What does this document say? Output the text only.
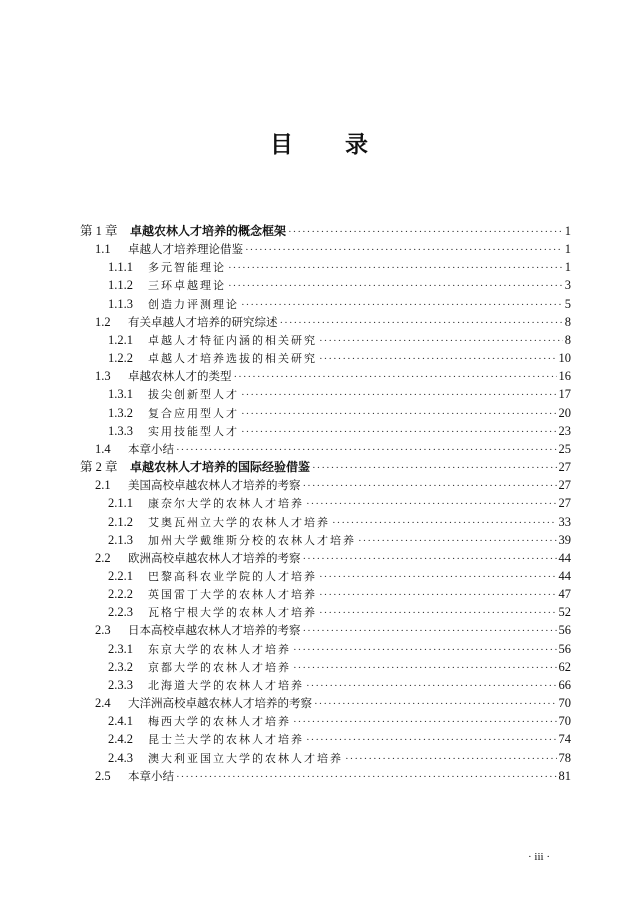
目录
第 1 章	卓越农林人才培养的概念框架 ·····	1
1.1	卓越人才培养理论借鉴 ·····	1
1.1.1	多元智能理论 ·····	1
1.1.2	三环卓越理论 ·····	3
1.1.3	创造力评测理论 ·····	5
1.2	有关卓越人才培养的研究综述 ·····	8
1.2.1	卓越人才特征内涵的相关研究 ·····	8
1.2.2	卓越人才培养选拔的相关研究 ·····	10
1.3	卓越农林人才的类型 ·····	16
1.3.1	拔尖创新型人才 ·····	17
1.3.2	复合应用型人才 ·····	20
1.3.3	实用技能型人才 ·····	23
1.4	本章小结 ·····	25
第 2 章	卓越农林人才培养的国际经验借鉴 ·····	27
2.1	美国高校卓越农林人才培养的考察 ·····	27
2.1.1	康奈尔大学的农林人才培养 ·····	27
2.1.2	艾奥瓦州立大学的农林人才培养 ·····	33
2.1.3	加州大学戴维斯分校的农林人才培养 ·····	39
2.2	欧洲高校卓越农林人才培养的考察 ·····	44
2.2.1	巴黎高科农业学院的人才培养 ·····	44
2.2.2	英国雷丁大学的农林人才培养 ·····	47
2.2.3	瓦格宁根大学的农林人才培养 ·····	52
2.3	日本高校卓越农林人才培养的考察 ·····	56
2.3.1	东京大学的农林人才培养 ·····	56
2.3.2	京都大学的农林人才培养 ·····	62
2.3.3	北海道大学的农林人才培养 ·····	66
2.4	大洋洲高校卓越农林人才培养的考察 ·····	70
2.4.1	梅西大学的农林人才培养 ·····	70
2.4.2	昆士兰大学的农林人才培养 ·····	74
2.4.3	澳大利亚国立大学的农林人才培养 ·····	78
2.5	本章小结 ·····	81
· iii ·
